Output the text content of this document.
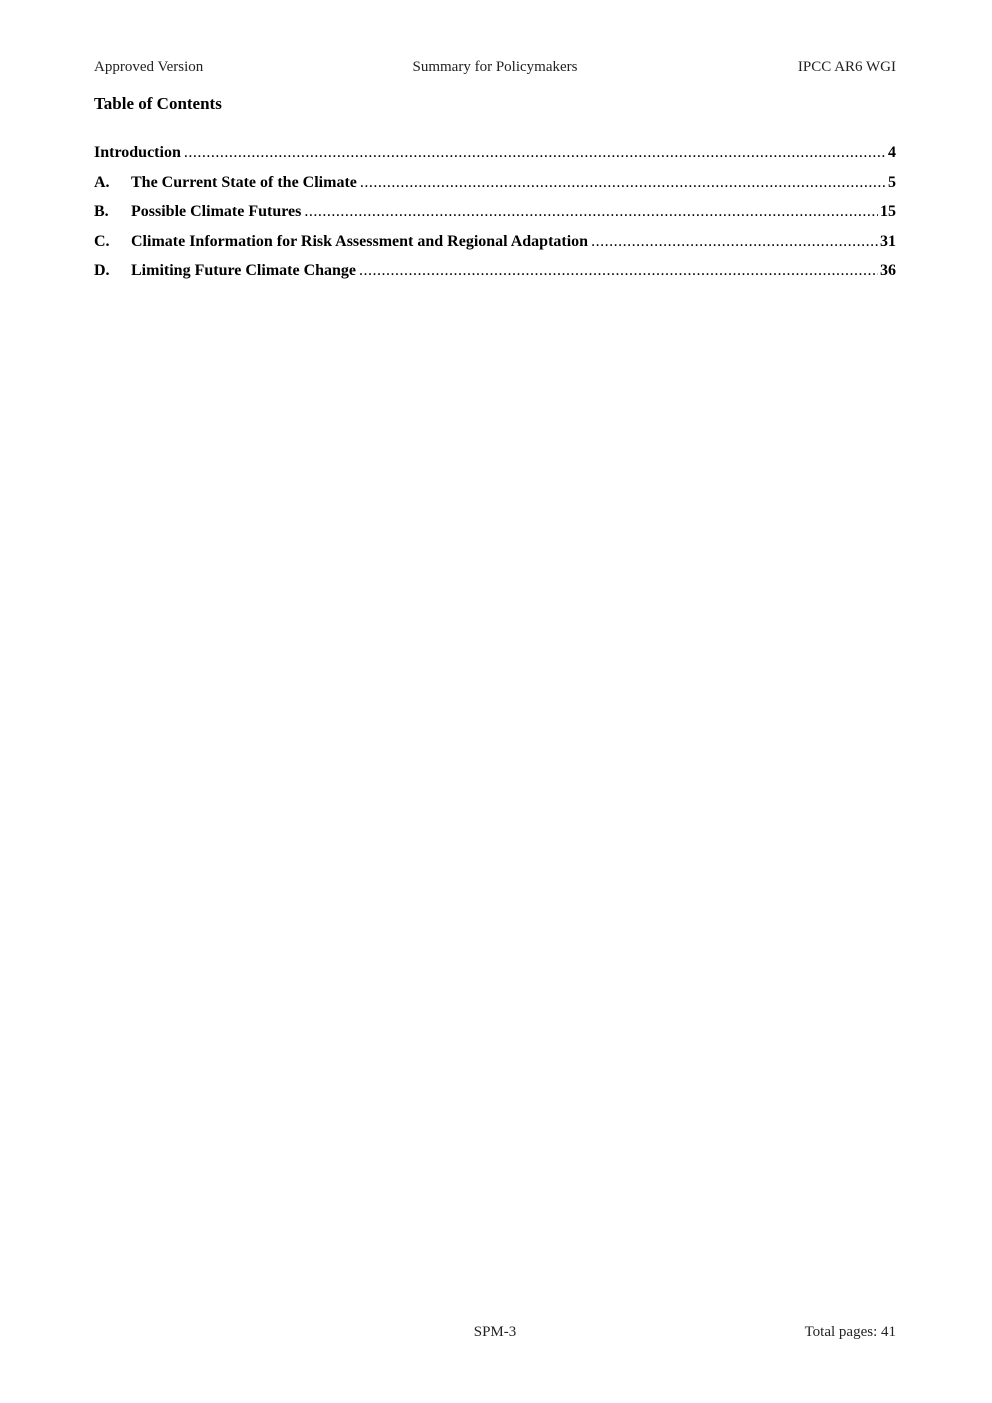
Approved Version	Summary for Policymakers	IPCC AR6 WGI
Table of Contents
Introduction .....	4
A.	The Current State of the Climate .....	5
B.	Possible Climate Futures .....	15
C.	Climate Information for Risk Assessment and Regional Adaptation .....	31
D.	Limiting Future Climate Change .....	36
SPM-3	Total pages: 41
